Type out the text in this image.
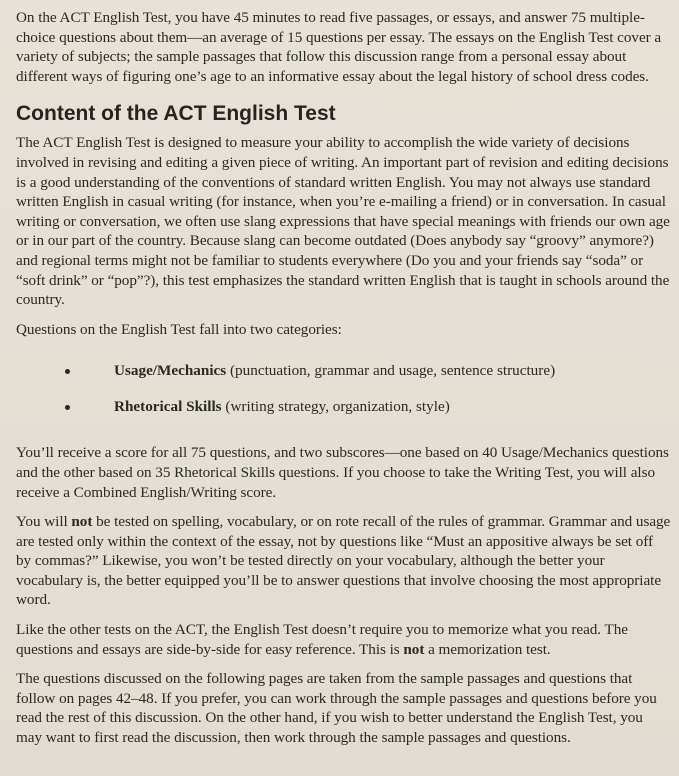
On the ACT English Test, you have 45 minutes to read five passages, or essays, and answer 75 multiple-choice questions about them—an average of 15 questions per essay. The essays on the English Test cover a variety of subjects; the sample passages that follow this discussion range from a personal essay about different ways of figuring one’s age to an informative essay about the legal history of school dress codes.

Content of the ACT English Test

The ACT English Test is designed to measure your ability to accomplish the wide variety of decisions involved in revising and editing a given piece of writing. An important part of revision and editing decisions is a good understanding of the conventions of standard written English. You may not always use standard written English in casual writing (for instance, when you’re e-mailing a friend) or in conversation. In casual writing or conversation, we often use slang expressions that have special meanings with friends our own age or in our part of the country. Because slang can become outdated (Does anybody say “groovy” anymore?) and regional terms might not be familiar to students everywhere (Do you and your friends say “soda” or “soft drink” or “pop”?), this test emphasizes the standard written English that is taught in schools around the country.

Questions on the English Test fall into two categories:

Usage/Mechanics (punctuation, grammar and usage, sentence structure)
Rhetorical Skills (writing strategy, organization, style)

You’ll receive a score for all 75 questions, and two subscores—one based on 40 Usage/Mechanics questions and the other based on 35 Rhetorical Skills questions. If you choose to take the Writing Test, you will also receive a Combined English/Writing score.

You will not be tested on spelling, vocabulary, or on rote recall of the rules of grammar. Grammar and usage are tested only within the context of the essay, not by questions like “Must an appositive always be set off by commas?” Likewise, you won’t be tested directly on your vocabulary, although the better your vocabulary is, the better equipped you’ll be to answer questions that involve choosing the most appropriate word.

Like the other tests on the ACT, the English Test doesn’t require you to memorize what you read. The questions and essays are side-by-side for easy reference. This is not a memorization test.

The questions discussed on the following pages are taken from the sample passages and questions that follow on pages 42–48. If you prefer, you can work through the sample passages and questions before you read the rest of this discussion. On the other hand, if you wish to better understand the English Test, you may want to first read the discussion, then work through the sample passages and questions.
